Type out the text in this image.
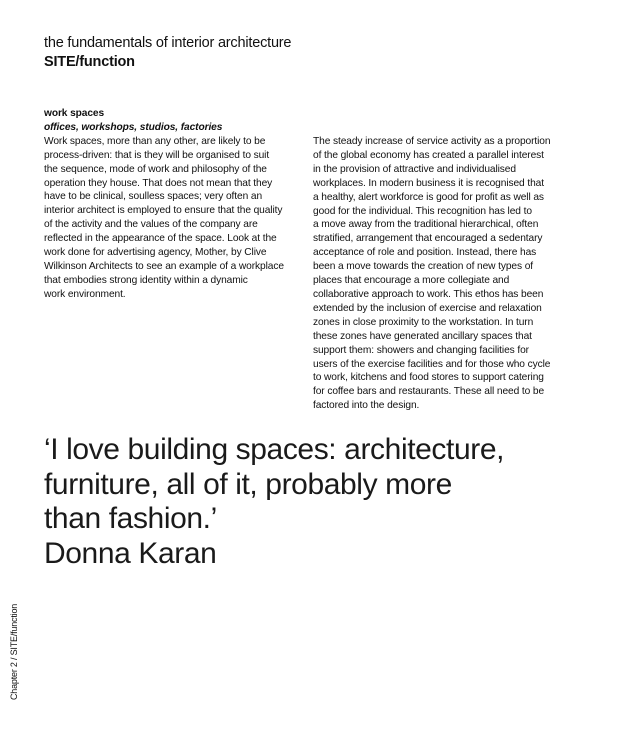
the fundamentals of interior architecture
SITE/function
work spaces
offices, workshops, studios, factories

Work spaces, more than any other, are likely to be
process-driven: that is they will be organised to suit
the sequence, mode of work and philosophy of the
operation they house. That does not mean that they
have to be clinical, soulless spaces; very often an
interior architect is employed to ensure that the quality
of the activity and the values of the company are
reflected in the appearance of the space. Look at the
work done for advertising agency, Mother, by Clive
Wilkinson Architects to see an example of a workplace
that embodies strong identity within a dynamic
work environment.

The steady increase of service activity as a proportion
of the global economy has created a parallel interest
in the provision of attractive and individualised
workplaces. In modern business it is recognised that
a healthy, alert workforce is good for profit as well as
good for the individual. This recognition has led to
a move away from the traditional hierarchical, often
stratified, arrangement that encouraged a sedentary
acceptance of role and position. Instead, there has
been a move towards the creation of new types of
places that encourage a more collegiate and
collaborative approach to work. This ethos has been
extended by the inclusion of exercise and relaxation
zones in close proximity to the workstation. In turn
these zones have generated ancillary spaces that
support them: showers and changing facilities for
users of the exercise facilities and for those who cycle
to work, kitchens and food stores to support catering
for coffee bars and restaurants. These all need to be
factored into the design.

‘I love building spaces: architecture,
furniture, all of it, probably more
than fashion.’

Donna Karan

Chapter 2 / SITE/function
